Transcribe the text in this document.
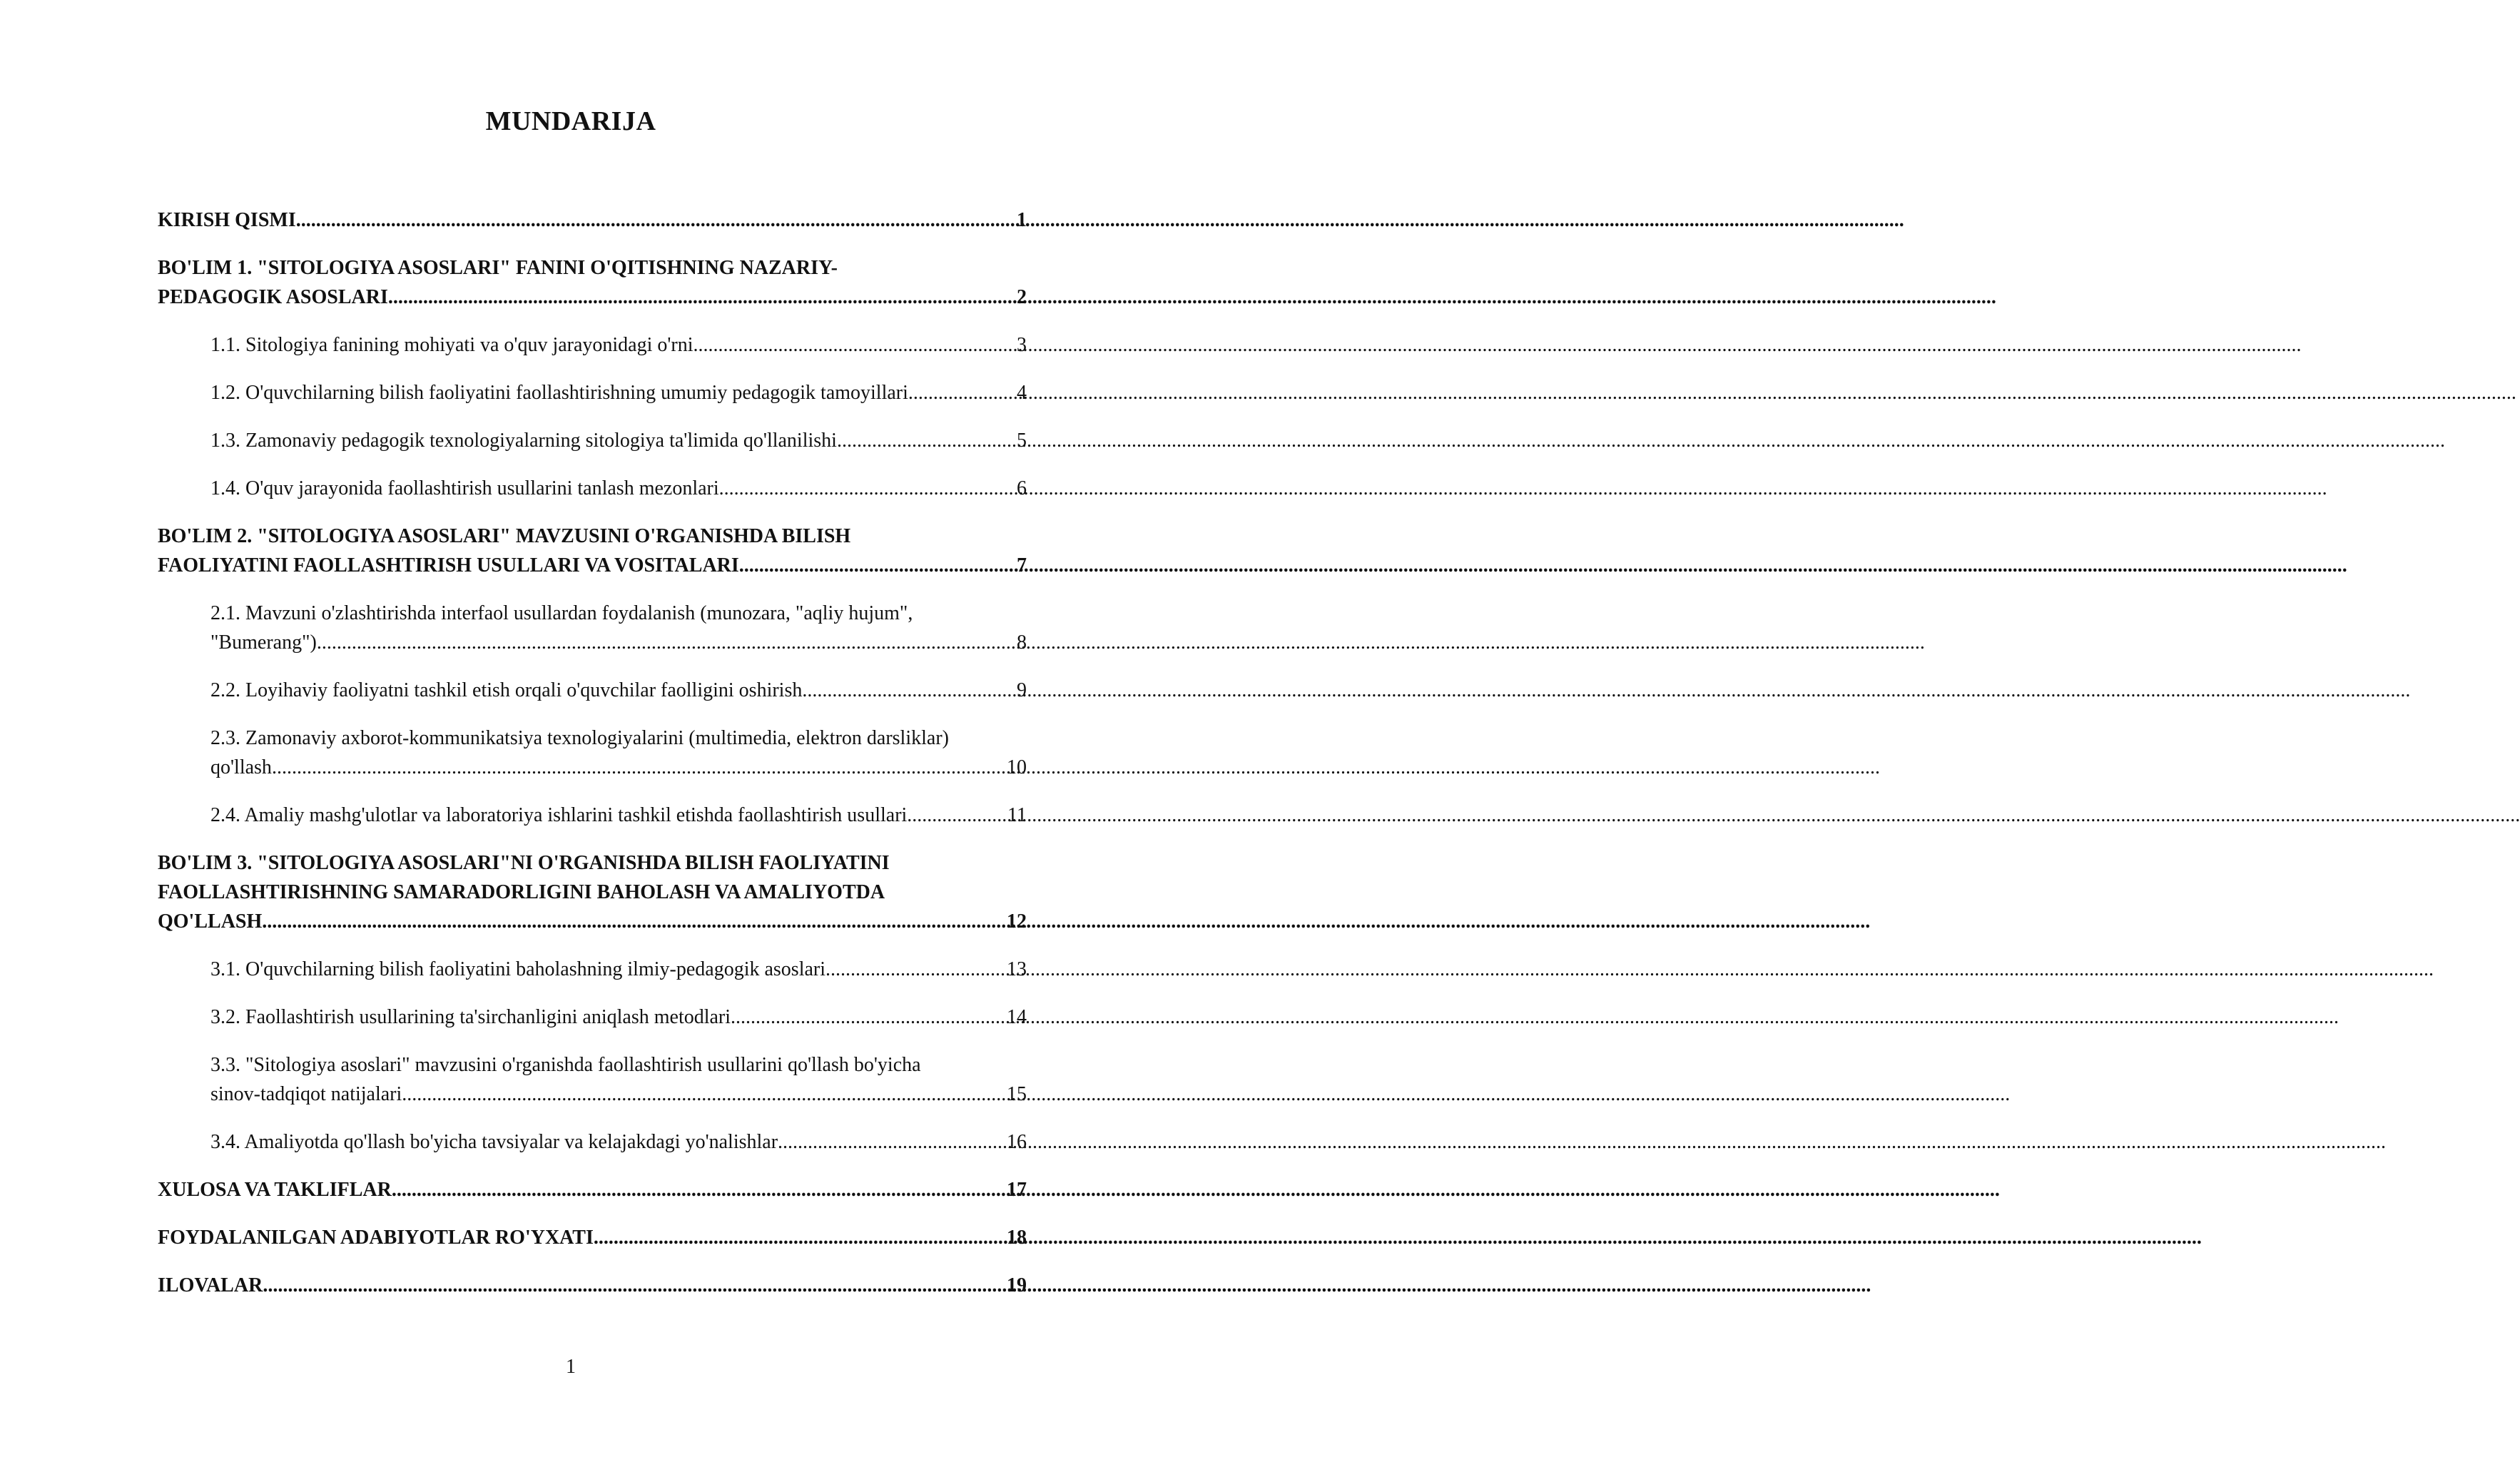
MUNDARIJA
KIRISH QISMI .....	1
BO'LIM 1. "SITOLOGIYA ASOSLARI" FANINI O'QITISHNING NAZARIY-
PEDAGOGIK ASOSLARI .....	2
1.1. Sitologiya fanining mohiyati va o'quv jarayonidagi o'rni .....	3
1.2. O'quvchilarning bilish faoliyatini faollashtirishning umumiy pedagogik tamoyillari .....	4
1.3. Zamonaviy pedagogik texnologiyalarning sitologiya ta'limida qo'llanilishi .....	5
1.4. O'quv jarayonida faollashtirish usullarini tanlash mezonlari .....	6
BO'LIM 2. "SITOLOGIYA ASOSLARI" MAVZUSINI O'RGANISHDA BILISH
FAOLIYATINI FAOLLASHTIRISH USULLARI VA VOSITALARI .....	7
2.1. Mavzuni o'zlashtirishda interfaol usullardan foydalanish (munozara, "aqliy hujum",
"Bumerang") .....	8
2.2. Loyihaviy faoliyatni tashkil etish orqali o'quvchilar faolligini oshirish .....	9
2.3. Zamonaviy axborot-kommunikatsiya texnologiyalarini (multimedia, elektron darsliklar)
qo'llash .....	10
2.4. Amaliy mashg'ulotlar va laboratoriya ishlarini tashkil etishda faollashtirish usullari. .....	11
BO'LIM 3. "SITOLOGIYA ASOSLARI"NI O'RGANISHDA BILISH FAOLIYATINI FAOLLASHTIRISHNING SAMARADORLIGINI BAHOLASH VA AMALIYOTDA
QO'LLASH .....	12
3.1. O'quvchilarning bilish faoliyatini baholashning ilmiy-pedagogik asoslari .....	13
3.2. Faollashtirish usullarining ta'sirchanligini aniqlash metodlari .....	14
3.3. "Sitologiya asoslari" mavzusini o'rganishda faollashtirish usullarini qo'llash bo'yicha
sinov-tadqiqot natijalari .....	15
3.4. Amaliyotda qo'llash bo'yicha tavsiyalar va kelajakdagi yo'nalishlar .....	16
XULOSA VA TAKLIFLAR .....	17
FOYDALANILGAN ADABIYOTLAR RO'YXATI .....	18
ILOVALAR .....	19
1
